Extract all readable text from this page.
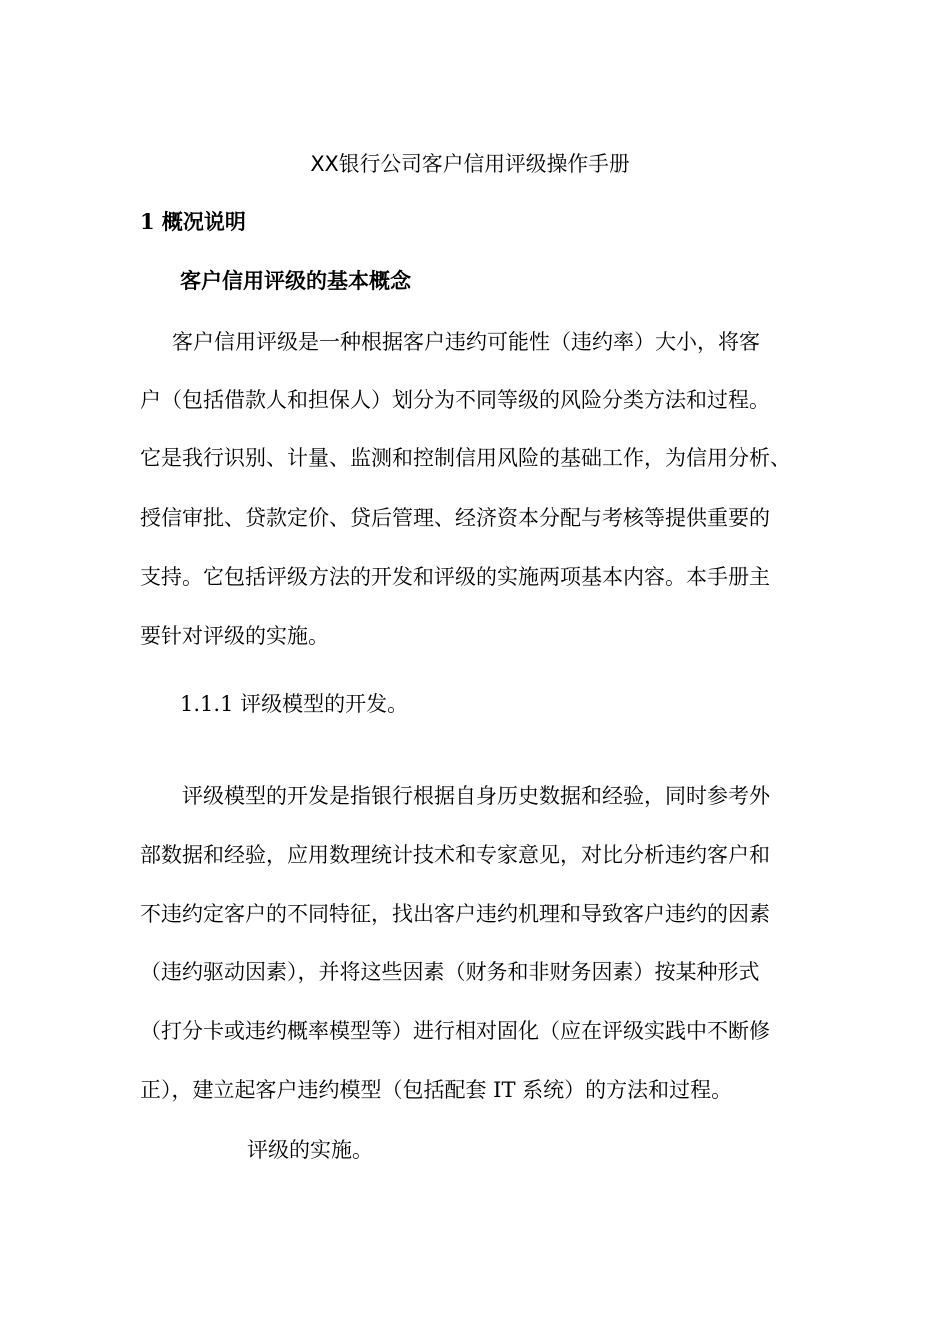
XX银行公司客户信用评级操作手册
1 概况说明
客户信用评级的基本概念
客户信用评级是一种根据客户违约可能性（违约率）大小，将客
户（包括借款人和担保人）划分为不同等级的风险分类方法和过程。
它是我行识别、计量、监测和控制信用风险的基础工作，为信用分析、
授信审批、贷款定价、贷后管理、经济资本分配与考核等提供重要的
支持。它包括评级方法的开发和评级的实施两项基本内容。本手册主
要针对评级的实施。
1.1.1 评级模型的开发。
评级模型的开发是指银行根据自身历史数据和经验，同时参考外
部数据和经验，应用数理统计技术和专家意见，对比分析违约客户和
不违约定客户的不同特征，找出客户违约机理和导致客户违约的因素
（违约驱动因素），并将这些因素（财务和非财务因素）按某种形式
（打分卡或违约概率模型等）进行相对固化（应在评级实践中不断修
正），建立起客户违约模型（包括配套 IT 系统）的方法和过程。
评级的实施。
